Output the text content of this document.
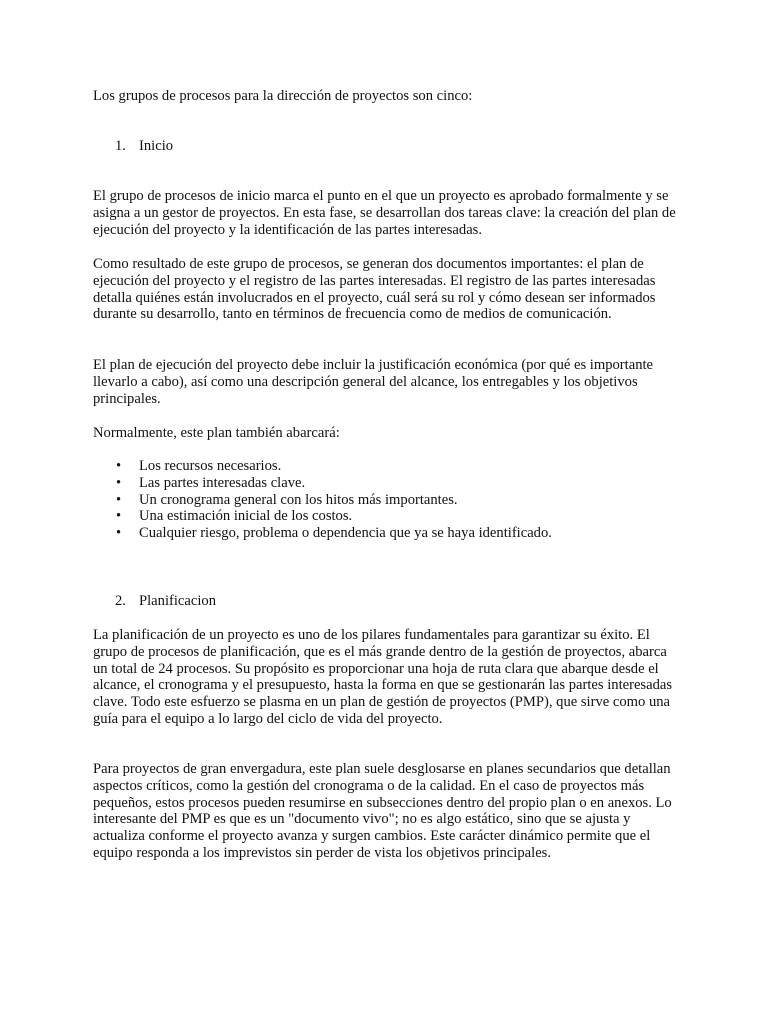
Los grupos de procesos para la dirección de proyectos son cinco:

1. Inicio

El grupo de procesos de inicio marca el punto en el que un proyecto es aprobado formalmente y se asigna a un gestor de proyectos. En esta fase, se desarrollan dos tareas clave: la creación del plan de ejecución del proyecto y la identificación de las partes interesadas.

Como resultado de este grupo de procesos, se generan dos documentos importantes: el plan de ejecución del proyecto y el registro de las partes interesadas. El registro de las partes interesadas detalla quiénes están involucrados en el proyecto, cuál será su rol y cómo desean ser informados durante su desarrollo, tanto en términos de frecuencia como de medios de comunicación.

El plan de ejecución del proyecto debe incluir la justificación económica (por qué es importante llevarlo a cabo), así como una descripción general del alcance, los entregables y los objetivos principales.

Normalmente, este plan también abarcará:

• Los recursos necesarios.
• Las partes interesadas clave.
• Un cronograma general con los hitos más importantes.
• Una estimación inicial de los costos.
• Cualquier riesgo, problema o dependencia que ya se haya identificado.
2. Planificacion

La planificación de un proyecto es uno de los pilares fundamentales para garantizar su éxito. El grupo de procesos de planificación, que es el más grande dentro de la gestión de proyectos, abarca un total de 24 procesos. Su propósito es proporcionar una hoja de ruta clara que abarque desde el alcance, el cronograma y el presupuesto, hasta la forma en que se gestionarán las partes interesadas clave. Todo este esfuerzo se plasma en un plan de gestión de proyectos (PMP), que sirve como una guía para el equipo a lo largo del ciclo de vida del proyecto.

Para proyectos de gran envergadura, este plan suele desglosarse en planes secundarios que detallan aspectos críticos, como la gestión del cronograma o de la calidad. En el caso de proyectos más pequeños, estos procesos pueden resumirse en subsecciones dentro del propio plan o en anexos. Lo interesante del PMP es que es un "documento vivo"; no es algo estático, sino que se ajusta y actualiza conforme el proyecto avanza y surgen cambios. Este carácter dinámico permite que el equipo responda a los imprevistos sin perder de vista los objetivos principales.
